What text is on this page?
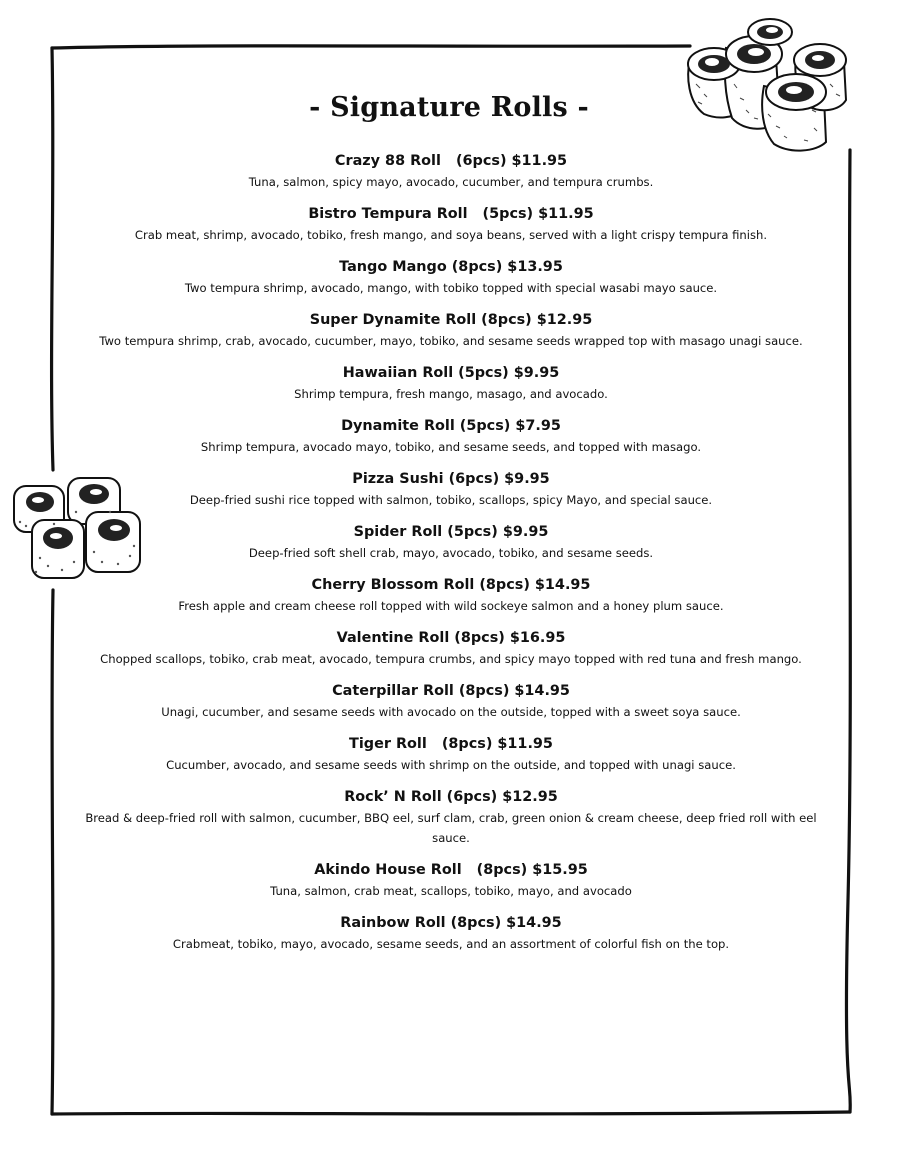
- Signature Rolls -
Crazy 88 Roll   (6pcs) $11.95
Tuna, salmon, spicy mayo, avocado, cucumber, and tempura crumbs.
Bistro Tempura Roll   (5pcs) $11.95
Crab meat, shrimp, avocado, tobiko, fresh mango, and soya beans, served with a light crispy tempura finish.
Tango Mango (8pcs) $13.95
Two tempura shrimp, avocado, mango, with tobiko topped with special wasabi mayo sauce.
Super Dynamite Roll (8pcs) $12.95
Two tempura shrimp, crab, avocado, cucumber, mayo, tobiko, and sesame seeds wrapped top with masago unagi sauce.
Hawaiian Roll (5pcs) $9.95
Shrimp tempura, fresh mango, masago, and avocado.
Dynamite Roll (5pcs) $7.95
Shrimp tempura, avocado mayo, tobiko, and sesame seeds, and topped with masago.
Pizza Sushi (6pcs) $9.95
Deep-fried sushi rice topped with salmon, tobiko, scallops, spicy Mayo, and special sauce.
Spider Roll (5pcs) $9.95
Deep-fried soft shell crab, mayo, avocado, tobiko, and sesame seeds.
Cherry Blossom Roll (8pcs) $14.95
Fresh apple and cream cheese roll topped with wild sockeye salmon and a honey plum sauce.
Valentine Roll (8pcs) $16.95
Chopped scallops, tobiko, crab meat, avocado, tempura crumbs, and spicy mayo topped with red tuna and fresh mango.
Caterpillar Roll (8pcs) $14.95
Unagi, cucumber, and sesame seeds with avocado on the outside, topped with a sweet soya sauce.
Tiger Roll   (8pcs) $11.95
Cucumber, avocado, and sesame seeds with shrimp on the outside, and topped with unagi sauce.
Rock’ N Roll (6pcs) $12.95
Bread & deep-fried roll with salmon, cucumber, BBQ eel, surf clam, crab, green onion & cream cheese, deep fried roll with eel sauce.
Akindo House Roll   (8pcs) $15.95
Tuna, salmon, crab meat, scallops, tobiko, mayo, and avocado
Rainbow Roll (8pcs) $14.95
Crabmeat, tobiko, mayo, avocado, sesame seeds, and an assortment of colorful fish on the top.
